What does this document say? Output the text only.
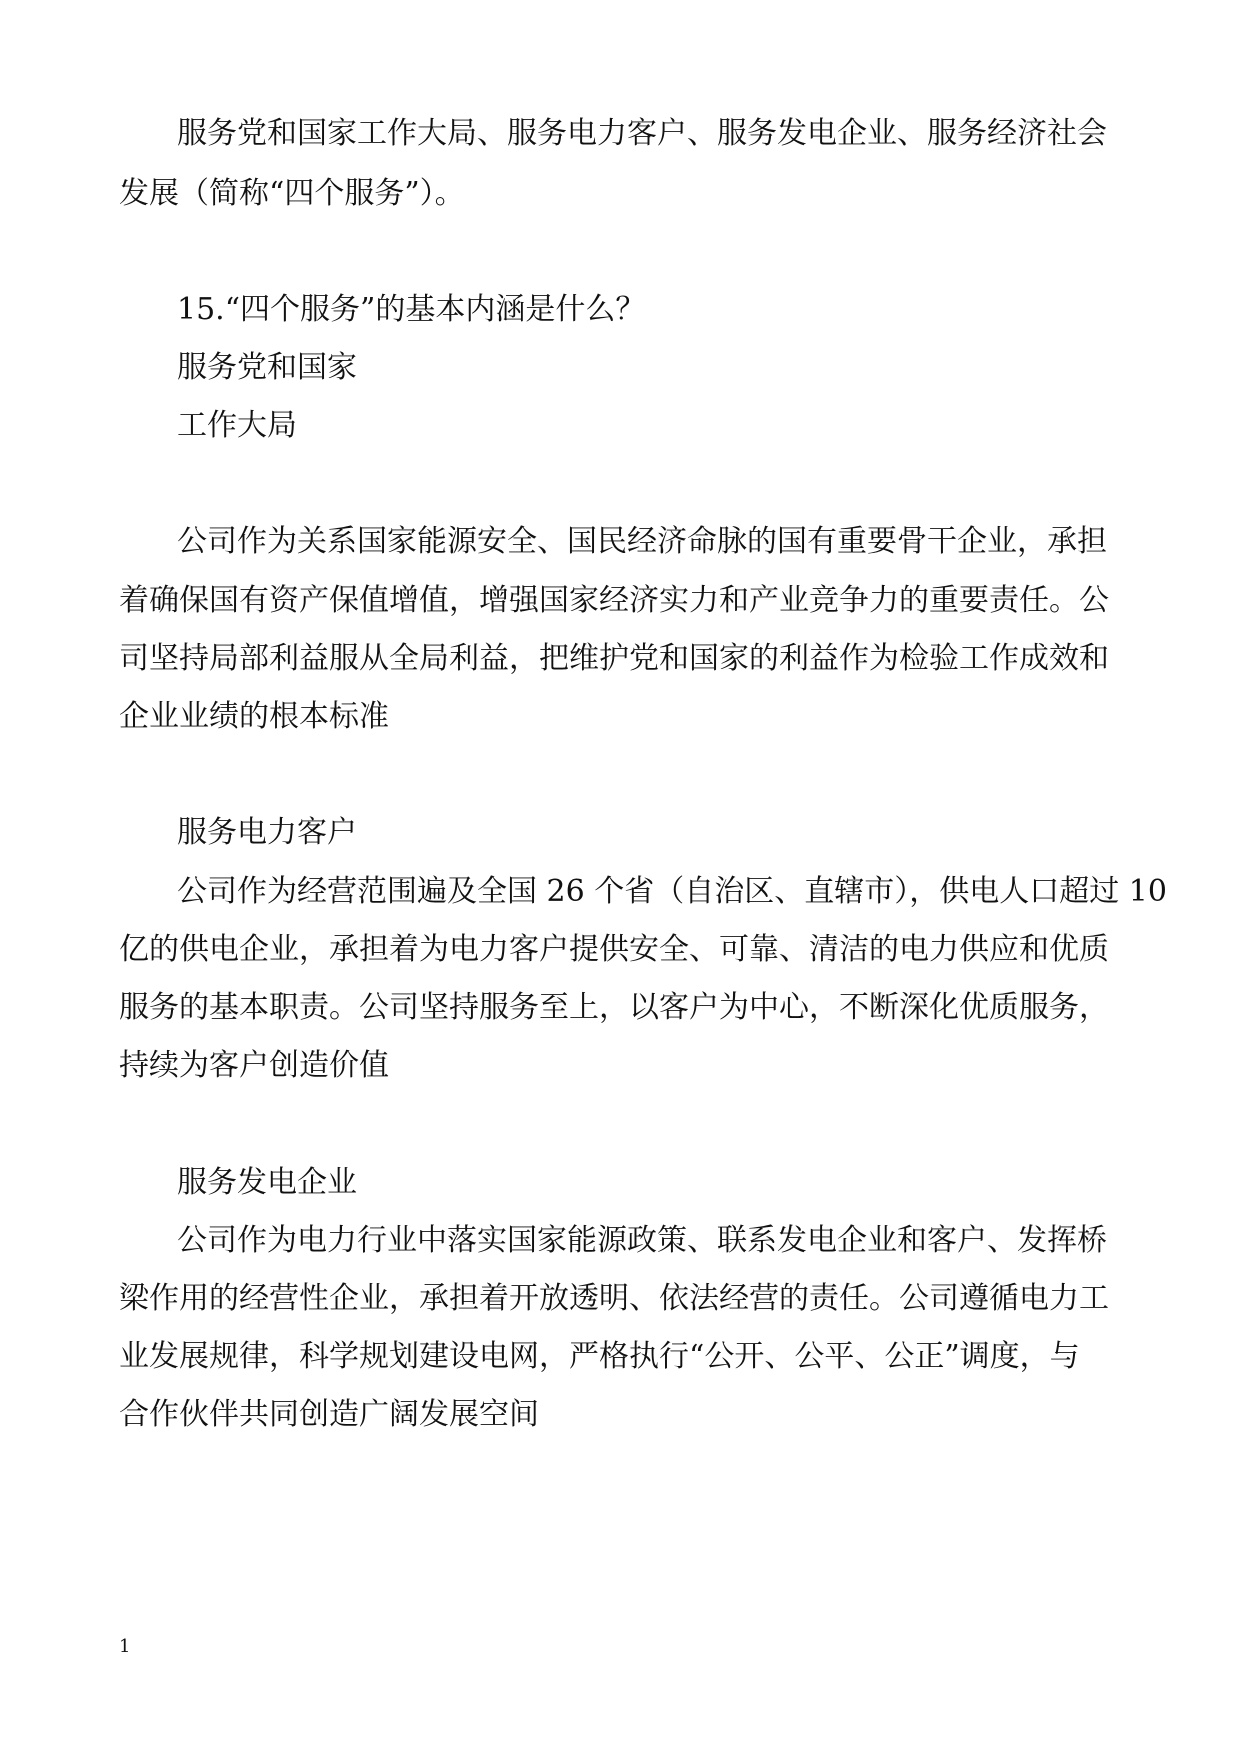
服务党和国家工作大局、服务电力客户、服务发电企业、服务经济社会
发展（简称“四个服务”）。
15.“四个服务”的基本内涵是什么？
服务党和国家
工作大局
公司作为关系国家能源安全、国民经济命脉的国有重要骨干企业，承担
着确保国有资产保值增值，增强国家经济实力和产业竞争力的重要责任。公
司坚持局部利益服从全局利益，把维护党和国家的利益作为检验工作成效和
企业业绩的根本标准
服务电力客户
公司作为经营范围遍及全国 26 个省（自治区、直辖市），供电人口超过 10
亿的供电企业，承担着为电力客户提供安全、可靠、清洁的电力供应和优质
服务的基本职责。公司坚持服务至上，以客户为中心，不断深化优质服务，
持续为客户创造价值
服务发电企业
公司作为电力行业中落实国家能源政策、联系发电企业和客户、发挥桥
梁作用的经营性企业，承担着开放透明、依法经营的责任。公司遵循电力工
业发展规律，科学规划建设电网，严格执行“公开、公平、公正”调度，与
合作伙伴共同创造广阔发展空间
1
